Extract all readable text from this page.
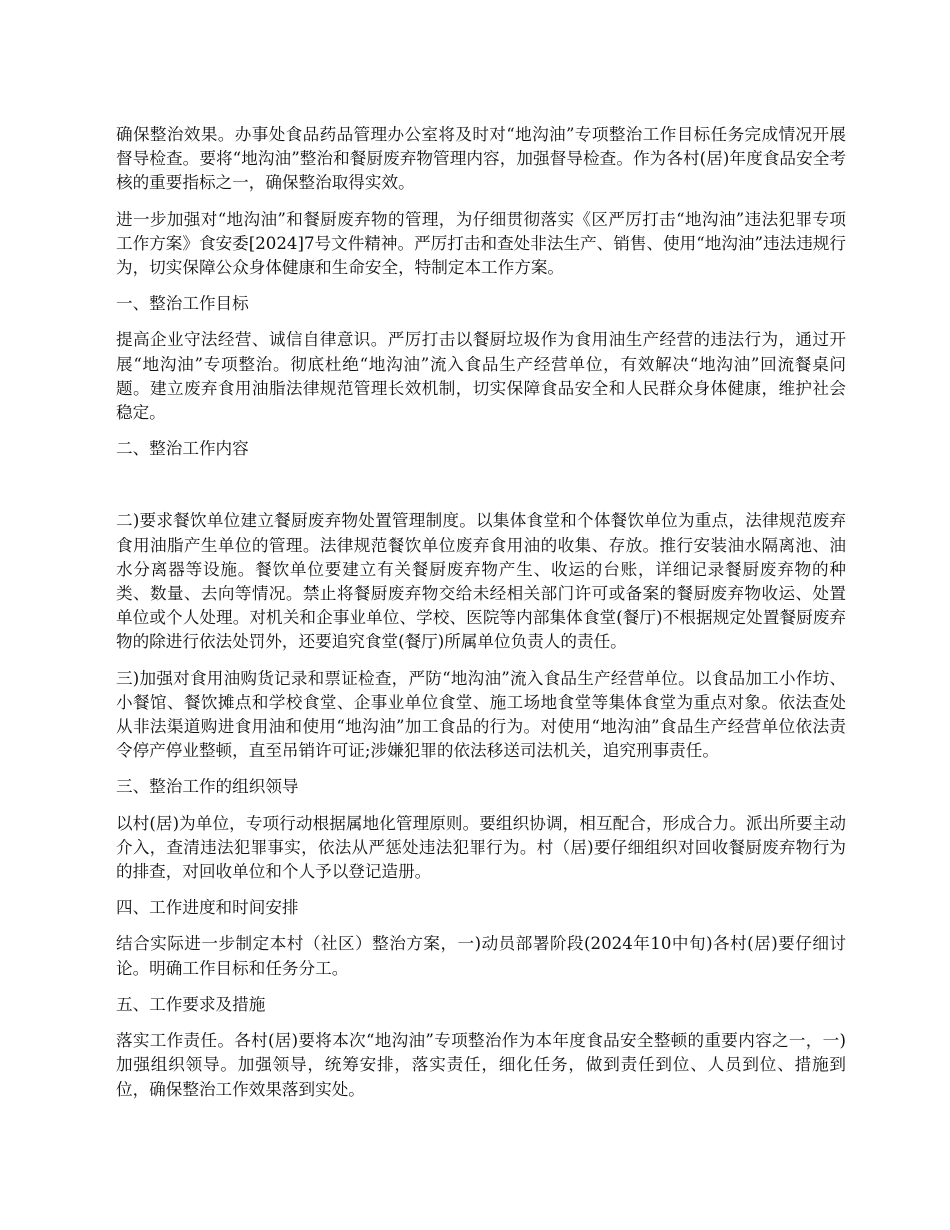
确保整治效果。办事处食品药品管理办公室将及时对“地沟油”专项整治工作目标任务完成情况开展督导检查。要将“地沟油”整治和餐厨废弃物管理内容，加强督导检查。作为各村(居)年度食品安全考核的重要指标之一，确保整治取得实效。

进一步加强对“地沟油”和餐厨废弃物的管理，为仔细贯彻落实《区严厉打击“地沟油”违法犯罪专项工作方案》食安委[2024]7号文件精神。严厉打击和查处非法生产、销售、使用“地沟油”违法违规行为，切实保障公众身体健康和生命安全，特制定本工作方案。

一、整治工作目标

提高企业守法经营、诚信自律意识。严厉打击以餐厨垃圾作为食用油生产经营的违法行为，通过开展“地沟油”专项整治。彻底杜绝“地沟油”流入食品生产经营单位，有效解决“地沟油”回流餐桌问题。建立废弃食用油脂法律规范管理长效机制，切实保障食品安全和人民群众身体健康，维护社会稳定。

二、整治工作内容

二)要求餐饮单位建立餐厨废弃物处置管理制度。以集体食堂和个体餐饮单位为重点，法律规范废弃食用油脂产生单位的管理。法律规范餐饮单位废弃食用油的收集、存放。推行安装油水隔离池、油水分离器等设施。餐饮单位要建立有关餐厨废弃物产生、收运的台账，详细记录餐厨废弃物的种类、数量、去向等情况。禁止将餐厨废弃物交给未经相关部门许可或备案的餐厨废弃物收运、处置单位或个人处理。对机关和企事业单位、学校、医院等内部集体食堂(餐厅)不根据规定处置餐厨废弃物的除进行依法处罚外，还要追究食堂(餐厅)所属单位负责人的责任。

三)加强对食用油购货记录和票证检查，严防“地沟油”流入食品生产经营单位。以食品加工小作坊、小餐馆、餐饮摊点和学校食堂、企事业单位食堂、施工场地食堂等集体食堂为重点对象。依法查处从非法渠道购进食用油和使用“地沟油”加工食品的行为。对使用“地沟油”食品生产经营单位依法责令停产停业整顿，直至吊销许可证;涉嫌犯罪的依法移送司法机关，追究刑事责任。

三、整治工作的组织领导

以村(居)为单位，专项行动根据属地化管理原则。要组织协调，相互配合，形成合力。派出所要主动介入，查清违法犯罪事实，依法从严惩处违法犯罪行为。村（居)要仔细组织对回收餐厨废弃物行为的排查，对回收单位和个人予以登记造册。

四、工作进度和时间安排

结合实际进一步制定本村（社区）整治方案，一)动员部署阶段(2024年10中旬)各村(居)要仔细讨论。明确工作目标和任务分工。

五、工作要求及措施

落实工作责任。各村(居)要将本次“地沟油”专项整治作为本年度食品安全整顿的重要内容之一，一)加强组织领导。加强领导，统筹安排，落实责任，细化任务，做到责任到位、人员到位、措施到位，确保整治工作效果落到实处。
